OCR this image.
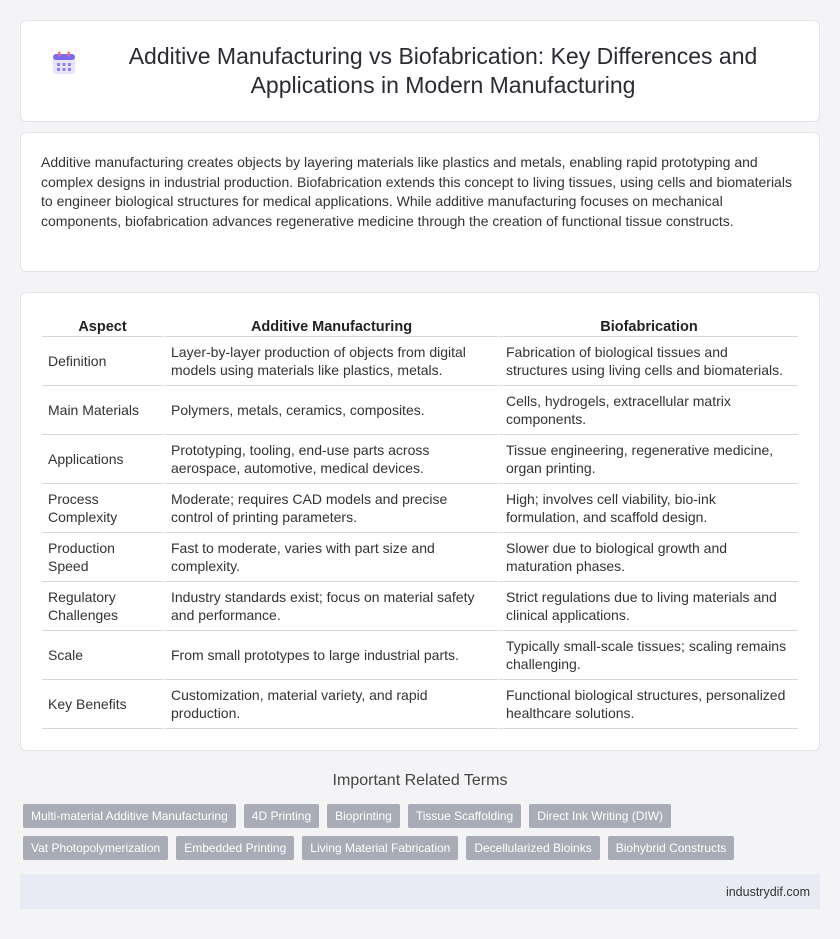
Additive Manufacturing vs Biofabrication: Key Differences and Applications in Modern Manufacturing

Additive manufacturing creates objects by layering materials like plastics and metals, enabling rapid prototyping and complex designs in industrial production. Biofabrication extends this concept to living tissues, using cells and biomaterials to engineer biological structures for medical applications. While additive manufacturing focuses on mechanical components, biofabrication advances regenerative medicine through the creation of functional tissue constructs.

Aspect	Additive Manufacturing	Biofabrication
Definition	Layer-by-layer production of objects from digital models using materials like plastics, metals.	Fabrication of biological tissues and structures using living cells and biomaterials.
Main Materials	Polymers, metals, ceramics, composites.	Cells, hydrogels, extracellular matrix components.
Applications	Prototyping, tooling, end-use parts across aerospace, automotive, medical devices.	Tissue engineering, regenerative medicine, organ printing.
Process Complexity	Moderate; requires CAD models and precise control of printing parameters.	High; involves cell viability, bio-ink formulation, and scaffold design.
Production Speed	Fast to moderate, varies with part size and complexity.	Slower due to biological growth and maturation phases.
Regulatory Challenges	Industry standards exist; focus on material safety and performance.	Strict regulations due to living materials and clinical applications.
Scale	From small prototypes to large industrial parts.	Typically small-scale tissues; scaling remains challenging.
Key Benefits	Customization, material variety, and rapid production.	Functional biological structures, personalized healthcare solutions.
Important Related Terms
Multi-material Additive Manufacturing	4D Printing	Bioprinting	Tissue Scaffolding	Direct Ink Writing (DIW)
Vat Photopolymerization	Embedded Printing	Living Material Fabrication	Decellularized Bioinks	Biohybrid Constructs
industrydif.com
